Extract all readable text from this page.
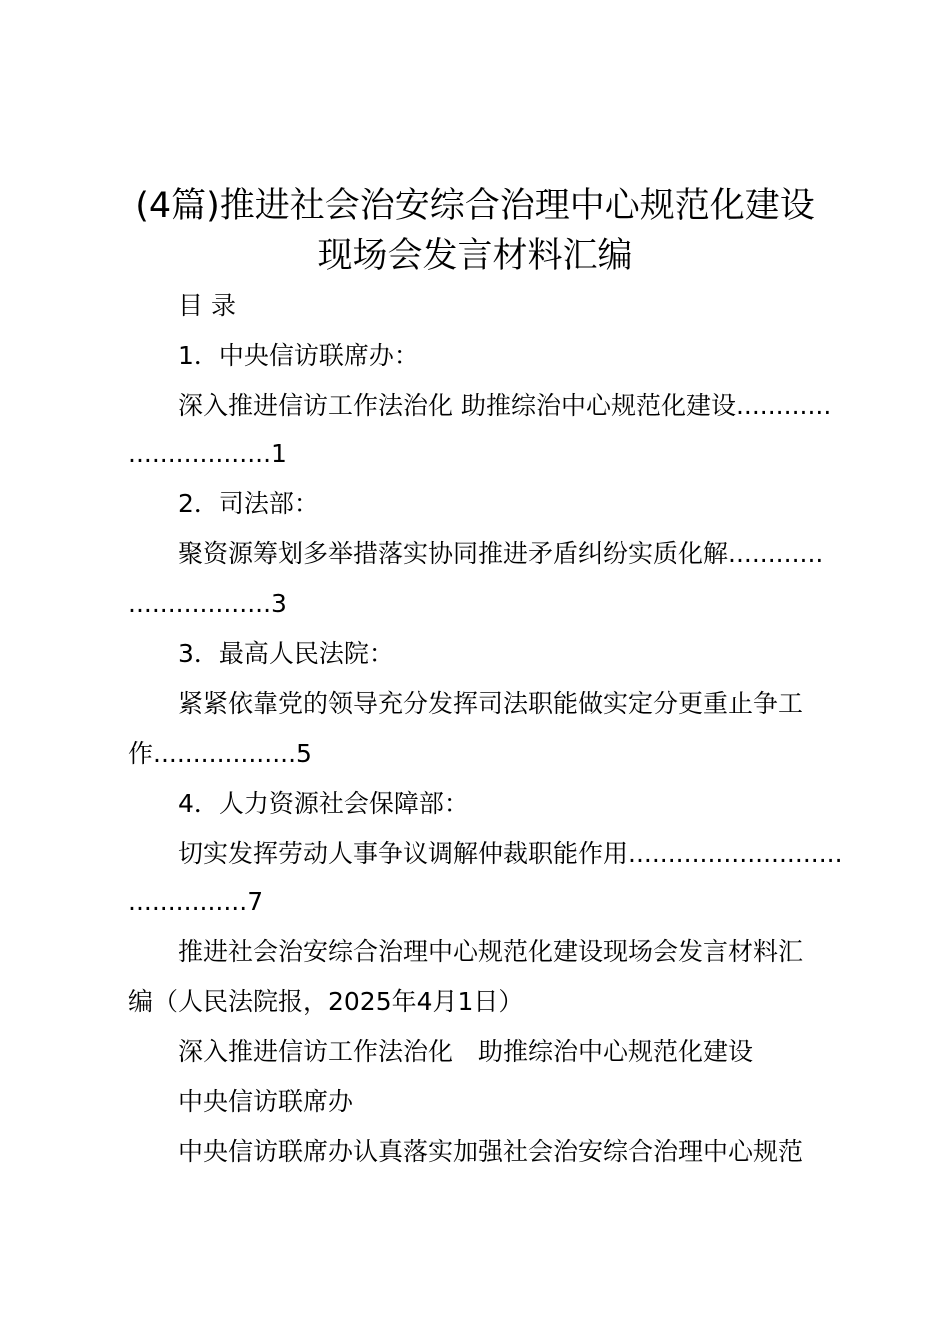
(4篇)推进社会治安综合治理中心规范化建设
现场会发言材料汇编
目 录
1．中央信访联席办：
深入推进信访工作法治化 助推综治中心规范化建设............
..................1
2．司法部：
聚资源筹划多举措落实协同推进矛盾纠纷实质化解............
..................3
3．最高人民法院：
紧紧依靠党的领导充分发挥司法职能做实定分更重止争工
作..................5
4．人力资源社会保障部：
切实发挥劳动人事争议调解仲裁职能作用...........................
...............7
推进社会治安综合治理中心规范化建设现场会发言材料汇
编（人民法院报，2025年4月1日）
深入推进信访工作法治化　助推综治中心规范化建设
中央信访联席办
中央信访联席办认真落实加强社会治安综合治理中心规范
